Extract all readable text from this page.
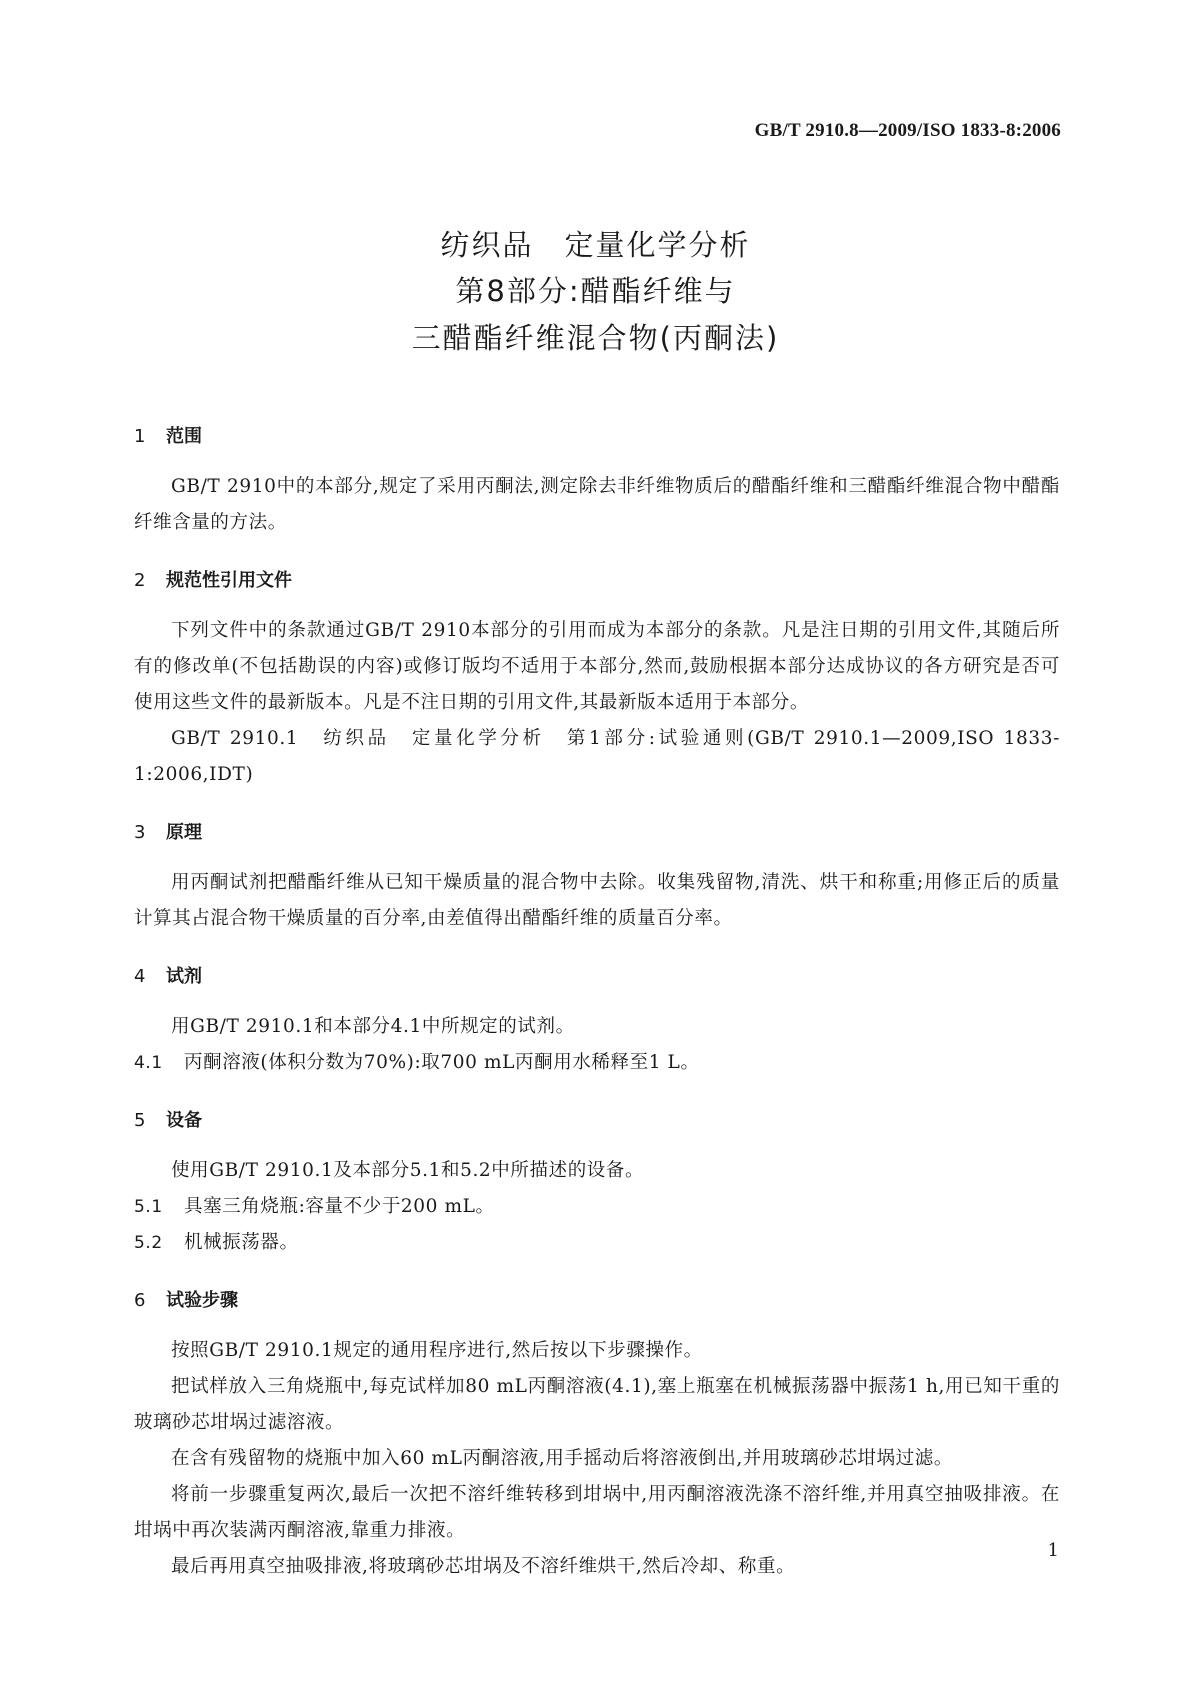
GB/T 2910.8—2009/ISO 1833-8:2006
纺织品　定量化学分析
第8部分:醋酯纤维与
三醋酯纤维混合物(丙酮法)
1 范围

GB/T 2910中的本部分,规定了采用丙酮法,测定除去非纤维物质后的醋酯纤维和三醋酯纤维混合物中醋酯纤维含量的方法。

2 规范性引用文件

下列文件中的条款通过GB/T 2910本部分的引用而成为本部分的条款。凡是注日期的引用文件,其随后所有的修改单(不包括勘误的内容)或修订版均不适用于本部分,然而,鼓励根据本部分达成协议的各方研究是否可使用这些文件的最新版本。凡是不注日期的引用文件,其最新版本适用于本部分。

GB/T 2910.1　纺织品　定量化学分析　第1部分:试验通则(GB/T 2910.1—2009,ISO 1833-1:2006,IDT)

3 原理

用丙酮试剂把醋酯纤维从已知干燥质量的混合物中去除。收集残留物,清洗、烘干和称重;用修正后的质量计算其占混合物干燥质量的百分率,由差值得出醋酯纤维的质量百分率。

4 试剂

用GB/T 2910.1和本部分4.1中所规定的试剂。

4.1 丙酮溶液(体积分数为70%):取700 mL丙酮用水稀释至1 L。

5 设备

使用GB/T 2910.1及本部分5.1和5.2中所描述的设备。

5.1 具塞三角烧瓶:容量不少于200 mL。

5.2 机械振荡器。

6 试验步骤

按照GB/T 2910.1规定的通用程序进行,然后按以下步骤操作。

把试样放入三角烧瓶中,每克试样加80 mL丙酮溶液(4.1),塞上瓶塞在机械振荡器中振荡1 h,用已知干重的玻璃砂芯坩埚过滤溶液。

在含有残留物的烧瓶中加入60 mL丙酮溶液,用手摇动后将溶液倒出,并用玻璃砂芯坩埚过滤。

将前一步骤重复两次,最后一次把不溶纤维转移到坩埚中,用丙酮溶液洗涤不溶纤维,并用真空抽吸排液。在坩埚中再次装满丙酮溶液,靠重力排液。

最后再用真空抽吸排液,将玻璃砂芯坩埚及不溶纤维烘干,然后冷却、称重。

1
